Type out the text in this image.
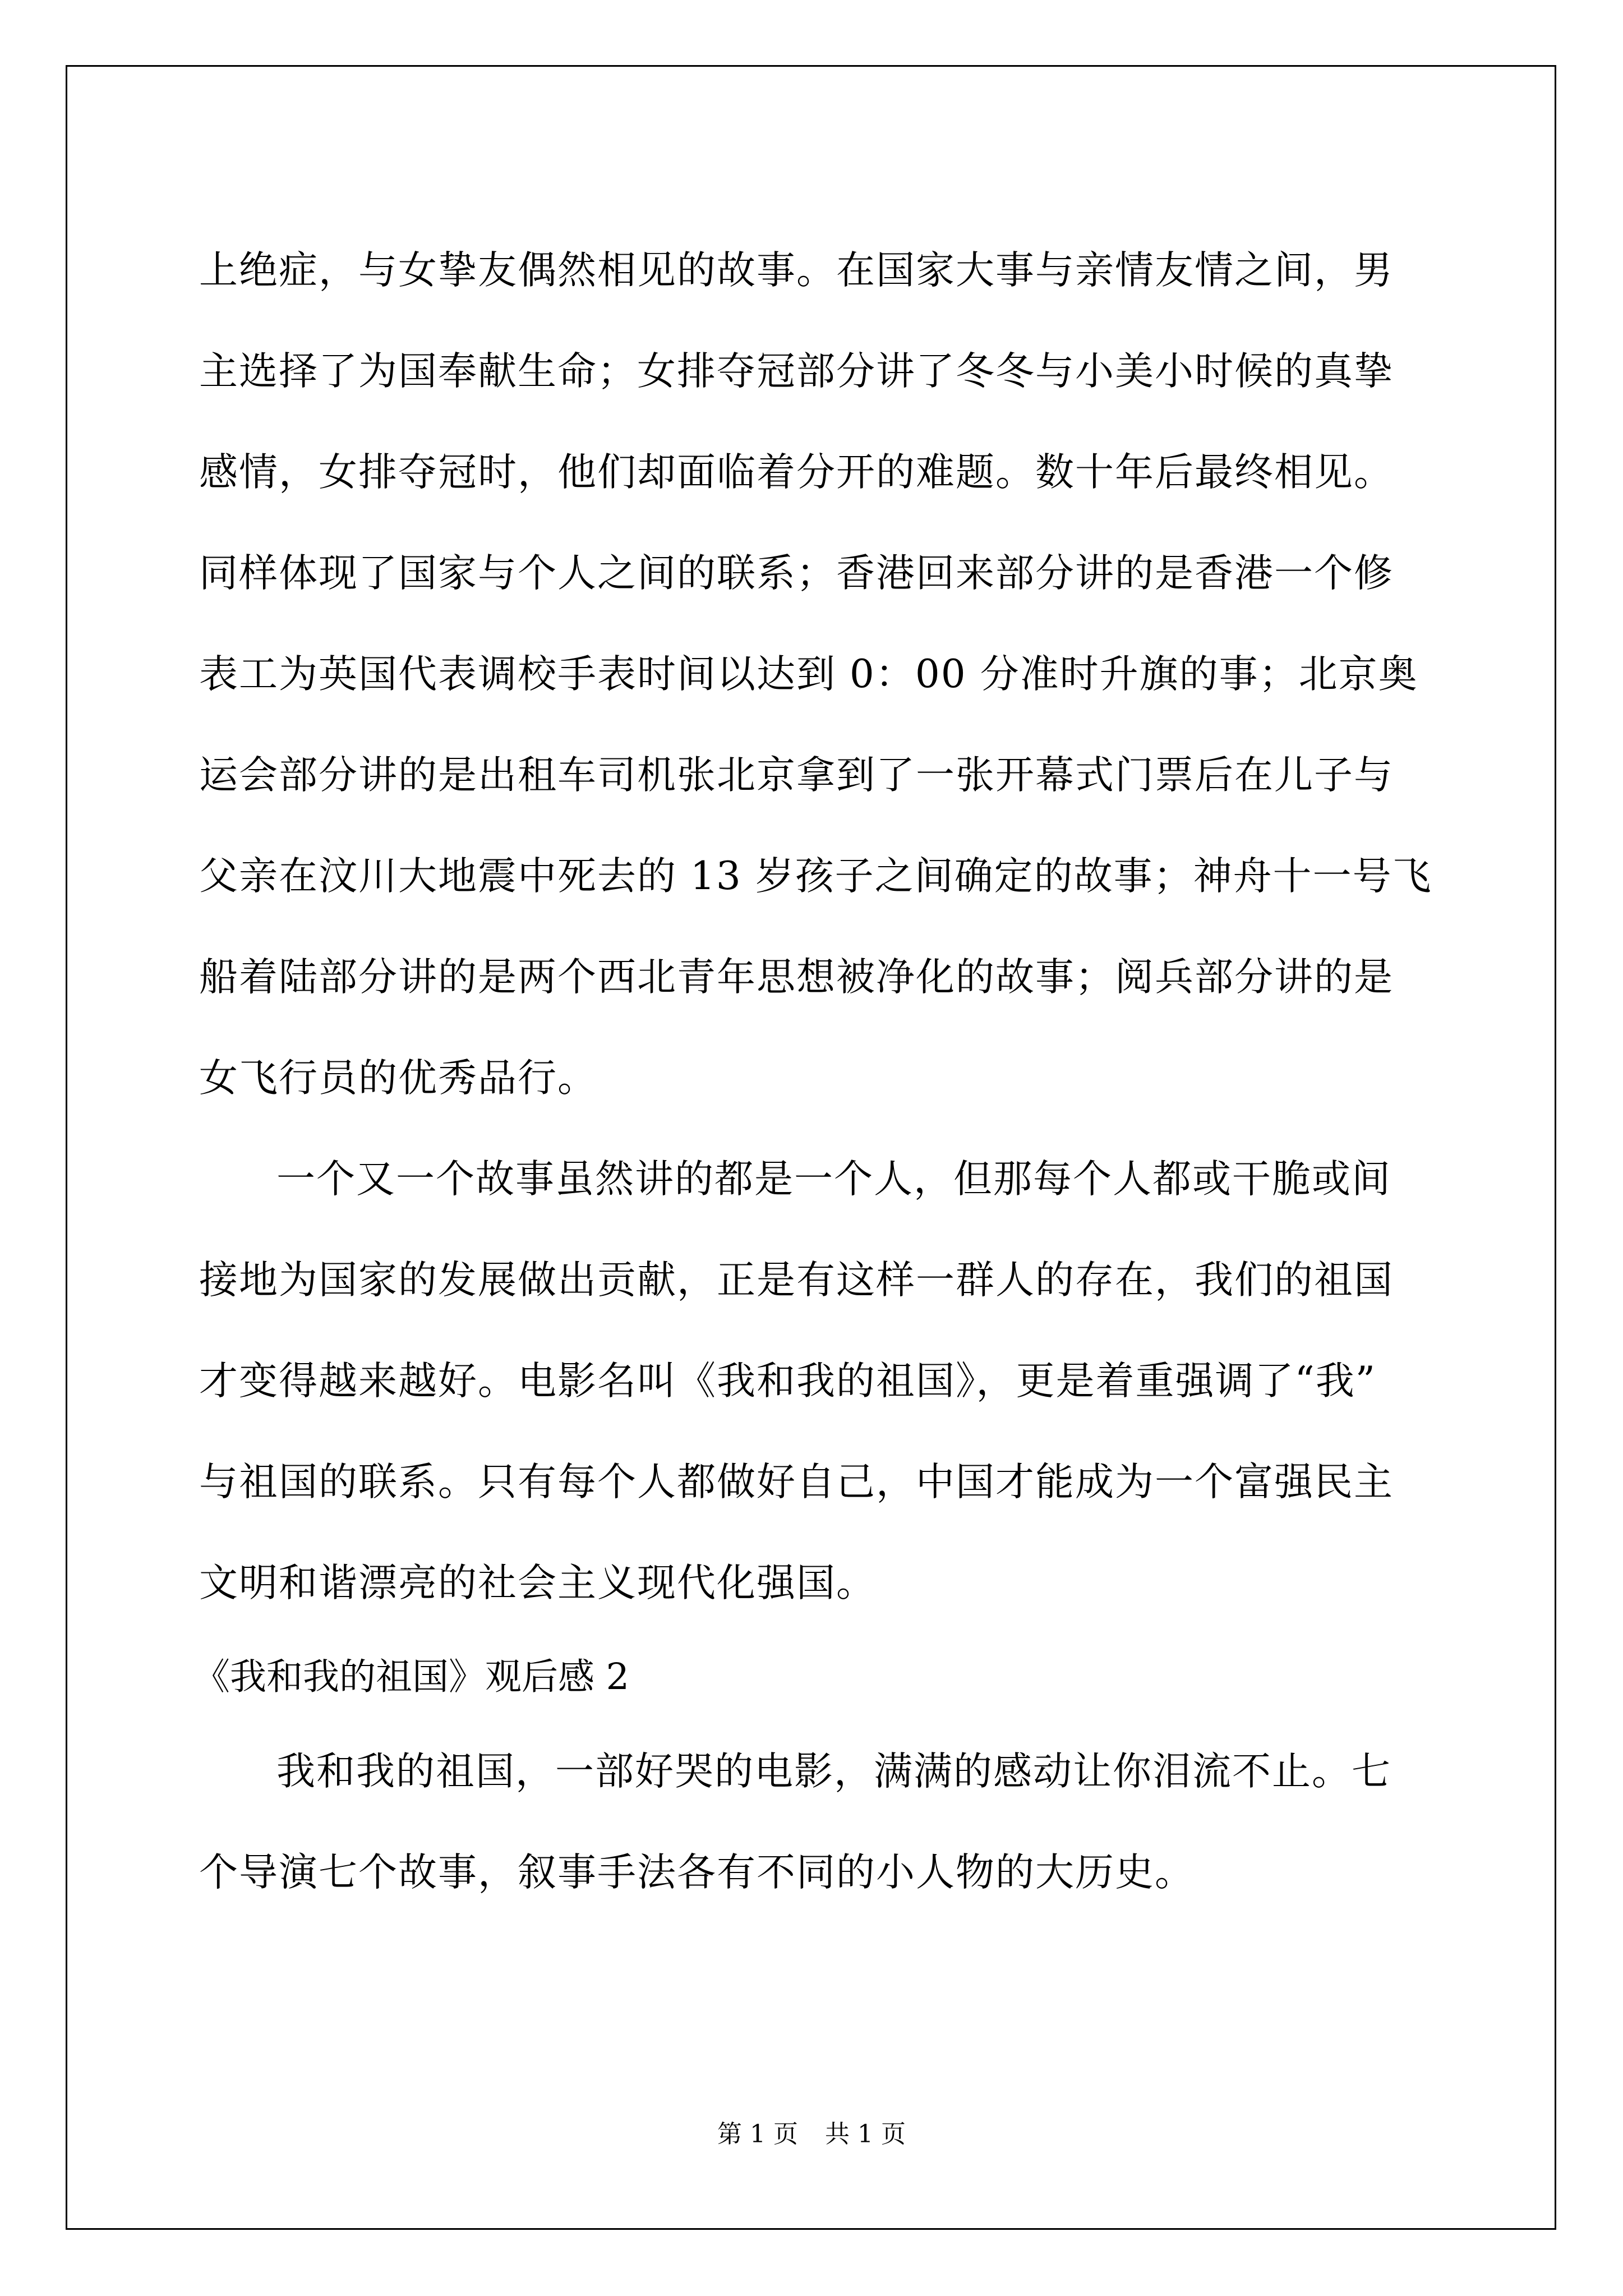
上绝症，与女挚友偶然相见的故事。在国家大事与亲情友情之间，男
主选择了为国奉献生命；女排夺冠部分讲了冬冬与小美小时候的真挚
感情，女排夺冠时，他们却面临着分开的难题。数十年后最终相见。
同样体现了国家与个人之间的联系；香港回来部分讲的是香港一个修
表工为英国代表调校手表时间以达到 0：00 分准时升旗的事；北京奥
运会部分讲的是出租车司机张北京拿到了一张开幕式门票后在儿子与
父亲在汶川大地震中死去的 13 岁孩子之间确定的故事；神舟十一号飞
船着陆部分讲的是两个西北青年思想被净化的故事；阅兵部分讲的是
女飞行员的优秀品行。
一个又一个故事虽然讲的都是一个人，但那每个人都或干脆或间
接地为国家的发展做出贡献，正是有这样一群人的存在，我们的祖国
才变得越来越好。电影名叫《我和我的祖国》，更是着重强调了“我”
与祖国的联系。只有每个人都做好自己，中国才能成为一个富强民主
文明和谐漂亮的社会主义现代化强国。
《我和我的祖国》观后感 2
我和我的祖国，一部好哭的电影，满满的感动让你泪流不止。七
个导演七个故事，叙事手法各有不同的小人物的大历史。
第 1 页 共 1 页
